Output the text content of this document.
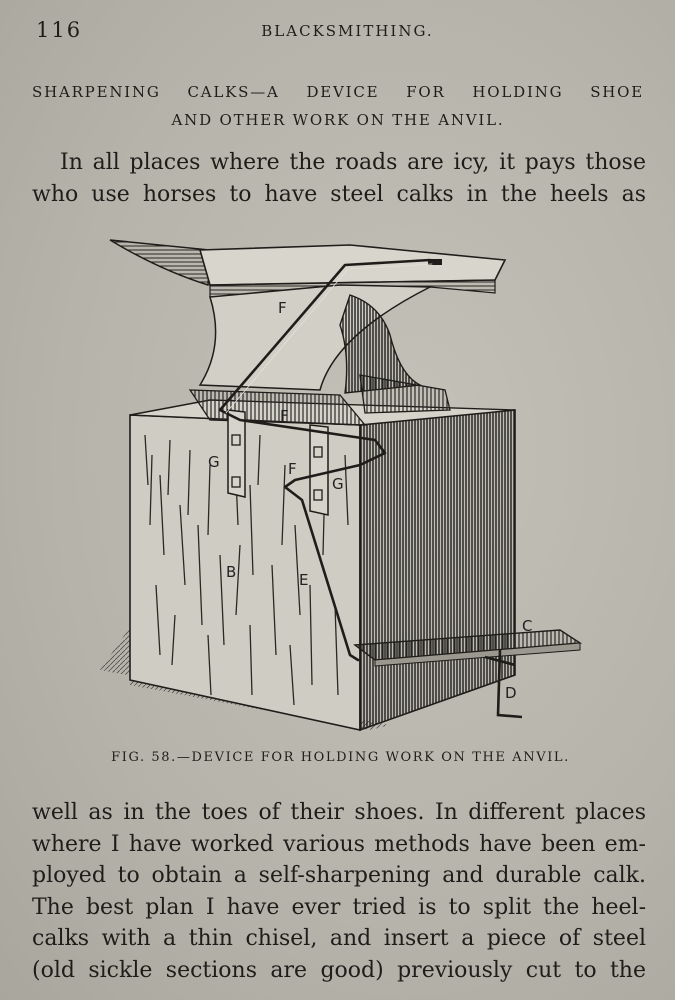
116	BLACKSMITHING.
SHARPENING CALKS—A DEVICE FOR HOLDING SHOE
AND OTHER WORK ON THE ANVIL.
In all places where the roads are icy, it pays those
who use horses to have steel calks in the heels as
F
F
F
G
G
B	E
C
D
FIG. 58.—DEVICE FOR HOLDING WORK ON THE ANVIL.
well as in the toes of their shoes. In different places
where I have worked various methods have been em-
ployed to obtain a self-sharpening and durable calk.
The best plan I have ever tried is to split the heel-
calks with a thin chisel, and insert a piece of steel
(old sickle sections are good) previously cut to the
